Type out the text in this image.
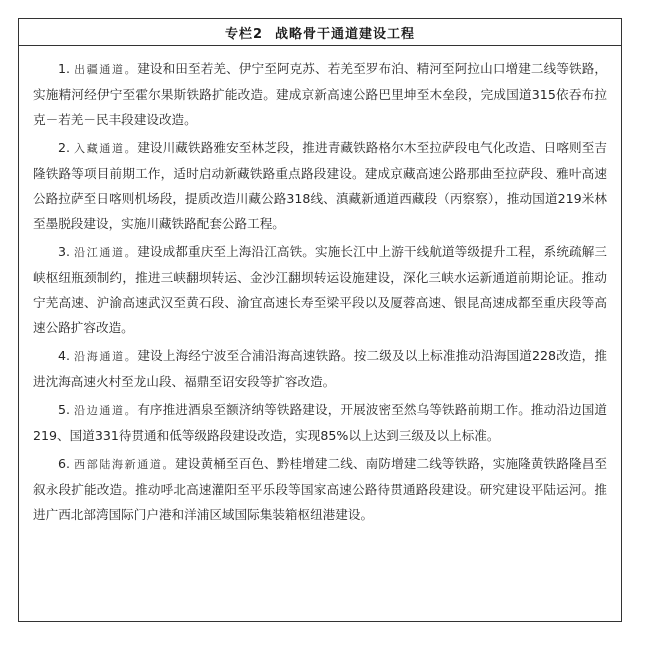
专栏2 战略骨干通道建设工程

1. 出疆通道。建设和田至若羌、伊宁至阿克苏、若羌至罗布泊、精河至阿拉山口增建二线等铁路，实施精河经伊宁至霍尔果斯铁路扩能改造。建成京新高速公路巴里坤至木垒段，完成国道315依吞布拉克－若羌－民丰段建设改造。

2. 入藏通道。建设川藏铁路雅安至林芝段，推进青藏铁路格尔木至拉萨段电气化改造、日喀则至吉隆铁路等项目前期工作，适时启动新藏铁路重点路段建设。建成京藏高速公路那曲至拉萨段、雅叶高速公路拉萨至日喀则机场段，提质改造川藏公路318线、滇藏新通道西藏段（丙察察），推动国道219米林至墨脱段建设，实施川藏铁路配套公路工程。

3. 沿江通道。建设成都重庆至上海沿江高铁。实施长江中上游干线航道等级提升工程，系统疏解三峡枢纽瓶颈制约，推进三峡翻坝转运、金沙江翻坝转运设施建设，深化三峡水运新通道前期论证。推动宁芜高速、沪渝高速武汉至黄石段、渝宜高速长寿至梁平段以及厦蓉高速、银昆高速成都至重庆段等高速公路扩容改造。

4. 沿海通道。建设上海经宁波至合浦沿海高速铁路。按二级及以上标准推动沿海国道228改造，推进沈海高速火村至龙山段、福鼎至诏安段等扩容改造。

5. 沿边通道。有序推进酒泉至额济纳等铁路建设，开展波密至然乌等铁路前期工作。推动沿边国道219、国道331待贯通和低等级路段建设改造，实现85%以上达到三级及以上标准。

6. 西部陆海新通道。建设黄桶至百色、黔桂增建二线、南防增建二线等铁路，实施隆黄铁路隆昌至叙永段扩能改造。推动呼北高速灌阳至平乐段等国家高速公路待贯通路段建设。研究建设平陆运河。推进广西北部湾国际门户港和洋浦区域国际集装箱枢纽港建设。
